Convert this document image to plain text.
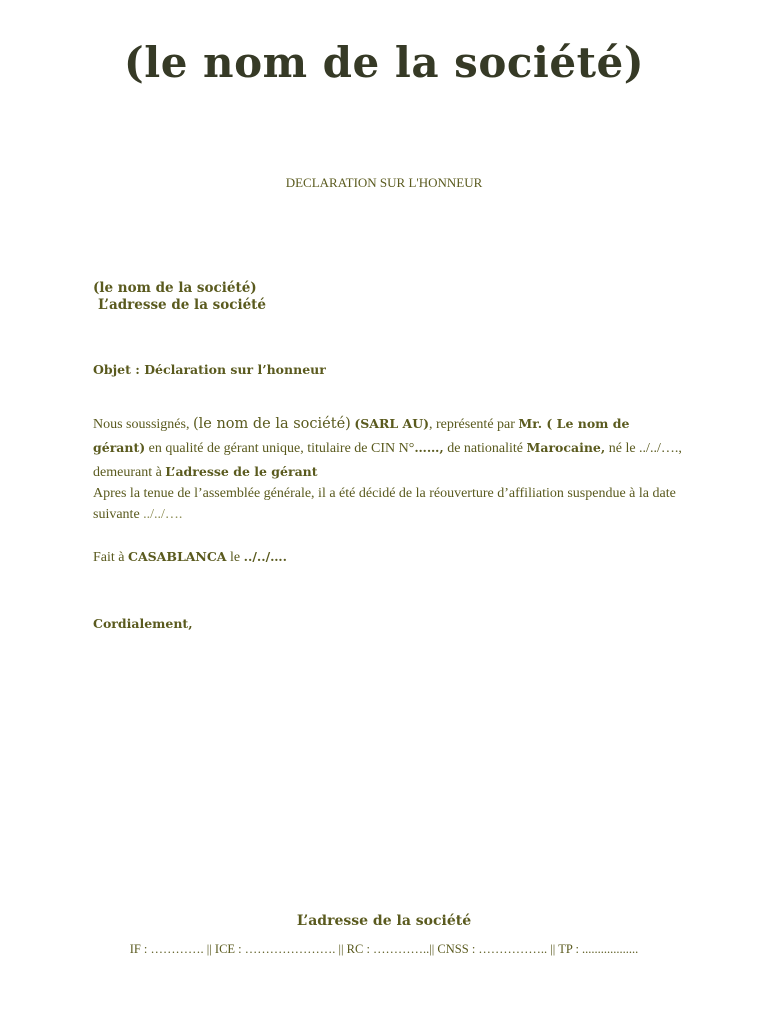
(le nom de la société)
DECLARATION SUR L'HONNEUR
(le nom de la société)
L’adresse de la société
Objet : Déclaration sur l’honneur
Nous soussignés, (le nom de la société) (SARL AU), représenté par Mr. ( Le nom de gérant) en qualité de gérant unique, titulaire de CIN N°……, de nationalité Marocaine, né le ../../…., demeurant à L’adresse de le gérant
Apres la tenue de l’assemblée générale, il a été décidé de la réouverture d’affiliation suspendue à la date suivante ../../….
Fait à CASABLANCA le ../../….
Cordialement,
L’adresse de la société
IF : …………. || ICE : …………………. || RC : …………..|| CNSS : …………….. || TP : ..................
